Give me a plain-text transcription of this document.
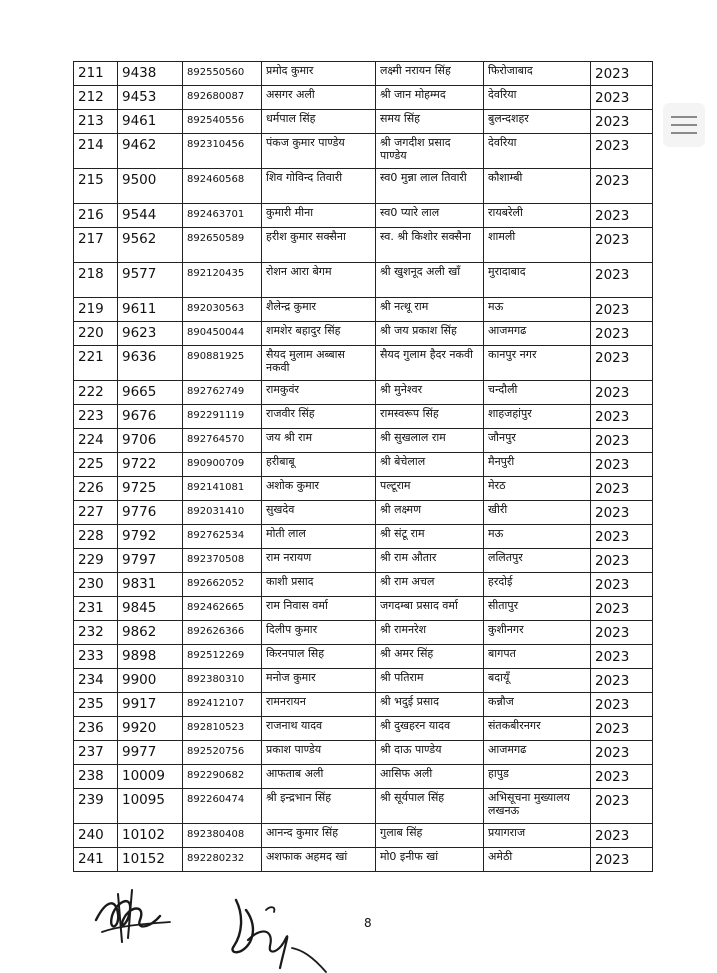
211	9438	892550560	प्रमोद कुमार	लक्ष्मी नरायन सिंह	फिरोजाबाद	2023
212	9453	892680087	असगर अली	श्री जान मोहम्मद	देवरिया	2023
213	9461	892540556	धर्मपाल सिंह	समय सिंह	बुलन्दशहर	2023
214	9462	892310456	पंकज कुमार पाण्डेय	श्री जगदीश प्रसाद पाण्डेय	देवरिया	2023
215	9500	892460568	शिव गोविन्द तिवारी	स्व0 मुन्ना लाल तिवारी	कौशाम्बी	2023
216	9544	892463701	कुमारी मीना	स्व0 प्यारे लाल	रायबरेली	2023
217	9562	892650589	हरीश कुमार सक्सैना	स्व. श्री किशोर सक्सैना	शामली	2023
218	9577	892120435	रोशन आरा बेगम	श्री खुशनूद अली खाँ	मुरादाबाद	2023
219	9611	892030563	शैलेन्द्र कुमार	श्री नत्थू राम	मऊ	2023
220	9623	890450044	शमशेर बहादुर सिंह	श्री जय प्रकाश सिंह	आजमगढ	2023
221	9636	890881925	सैयद मुलाम अब्बास नकवी	सैयद गुलाम हैदर नकवी	कानपुर नगर	2023
222	9665	892762749	रामकुवंर	श्री मुनेश्वर	चन्दौली	2023
223	9676	892291119	राजवीर सिंह	रामस्वरूप सिंह	शाहजहांपुर	2023
224	9706	892764570	जय श्री राम	श्री सुखलाल राम	जौनपुर	2023
225	9722	890900709	हरीबाबू	श्री बेचेलाल	मैनपुरी	2023
226	9725	892141081	अशोक कुमार	पल्टूराम	मेरठ	2023
227	9776	892031410	सुखदेव	श्री लक्ष्मण	खीरी	2023
228	9792	892762534	मोती लाल	श्री संटू राम	मऊ	2023
229	9797	892370508	राम नरायण	श्री राम औतार	ललितपुर	2023
230	9831	892662052	काशी प्रसाद	श्री राम अचल	हरदोई	2023
231	9845	892462665	राम निवास वर्मा	जगदम्बा प्रसाद वर्मा	सीतापुर	2023
232	9862	892626366	दिलीप कुमार	श्री रामनरेश	कुशीनगर	2023
233	9898	892512269	किरनपाल सिह	श्री अमर सिंह	बागपत	2023
234	9900	892380310	मनोज कुमार	श्री पतिराम	बदायूँ	2023
235	9917	892412107	रामनरायन	श्री भदुई प्रसाद	कन्नौज	2023
236	9920	892810523	राजनाथ यादव	श्री दुखहरन यादव	संतकबीरनगर	2023
237	9977	892520756	प्रकाश पाण्डेय	श्री दाऊ पाण्डेय	आजमगढ	2023
238	10009	892290682	आफताब अली	आसिफ अली	हापुड	2023
239	10095	892260474	श्री इन्द्रभान सिंह	श्री सूर्यपाल सिंह	अभिसूचना मुख्यालय लखनऊ	2023
240	10102	892380408	आनन्द कुमार सिंह	गुलाब सिंह	प्रयागराज	2023
241	10152	892280232	अशफाक अहमद खां	मो0 इनीफ खां	अमेठी	2023
8
